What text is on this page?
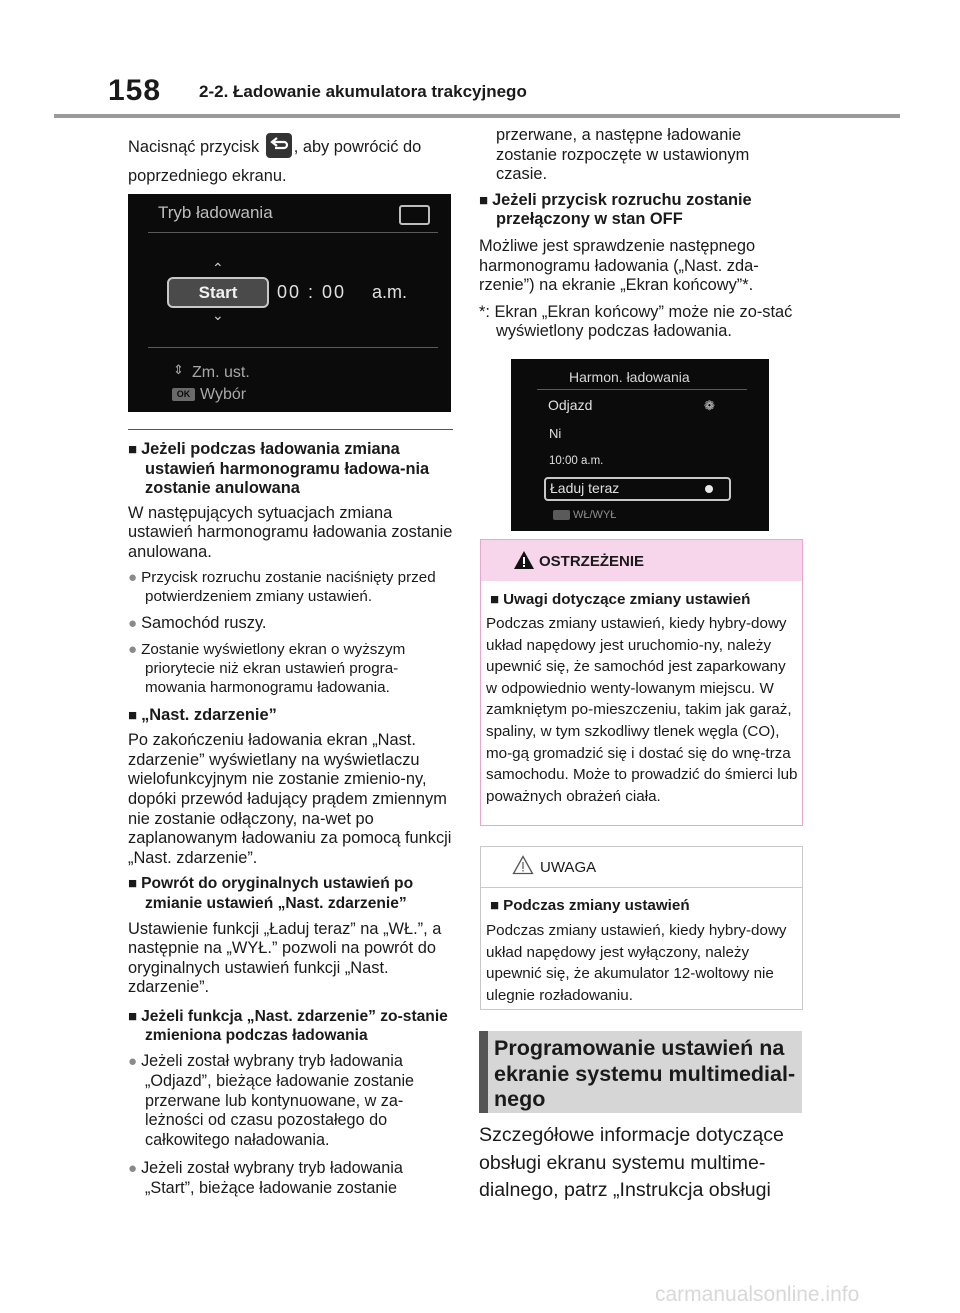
158 2-2. Ładowanie akumulatora trakcyjnego
Nacisnąć przycisk , aby powrócić do poprzedniego ekranu.
Tryb ładowania
⌃
Start
⌄
00 : 00 a.m.
⇕ Zm. ust.
OK Wybór
■ Jeżeli podczas ładowania zmiana ustawień harmonogramu ładowa-nia zostanie anulowana
W następujących sytuacjach zmiana ustawień harmonogramu ładowania zostanie anulowana.
● Przycisk rozruchu zostanie naciśnięty przed potwierdzeniem zmiany ustawień.
● Samochód ruszy.
● Zostanie wyświetlony ekran o wyższym priorytecie niż ekran ustawień progra-mowania harmonogramu ładowania.
■ „Nast. zdarzenie”
Po zakończeniu ładowania ekran „Nast. zdarzenie” wyświetlany na wyświetlaczu wielofunkcyjnym nie zostanie zmienio-ny, dopóki przewód ładujący prądem zmiennym nie zostanie odłączony, na-wet po zaplanowanym ładowaniu za pomocą funkcji „Nast. zdarzenie”.
■ Powrót do oryginalnych ustawień po zmianie ustawień „Nast. zdarzenie”
Ustawienie funkcji „Ładuj teraz” na „WŁ.”, a następnie na „WYŁ.” pozwoli na powrót do oryginalnych ustawień funkcji „Nast. zdarzenie”.
■ Jeżeli funkcja „Nast. zdarzenie” zo-stanie zmieniona podczas ładowania
● Jeżeli został wybrany tryb ładowania „Odjazd”, bieżące ładowanie zostanie przerwane lub kontynuowane, w za-leżności od czasu pozostałego do całkowitego naładowania.
● Jeżeli został wybrany tryb ładowania „Start”, bieżące ładowanie zostanie
przerwane, a następne ładowanie zostanie rozpoczęte w ustawionym czasie.
■ Jeżeli przycisk rozruchu zostanie przełączony w stan OFF
Możliwe jest sprawdzenie następnego harmonogramu ładowania („Nast. zda-rzenie”) na ekranie „Ekran końcowy”*.
*: Ekran „Ekran końcowy” może nie zo-stać wyświetlony podczas ładowania.
Harmon. ładowania
Odjazd	❁
Ni
10:00 a.m.
Ładuj teraz
WŁ/WYŁ
OSTRZEŻENIE
■ Uwagi dotyczące zmiany ustawień
Podczas zmiany ustawień, kiedy hybry-dowy układ napędowy jest uruchomio-ny, należy upewnić się, że samochód jest zaparkowany w odpowiednio wenty-lowanym miejscu. W zamkniętym po-mieszczeniu, takim jak garaż, spaliny, w tym szkodliwy tlenek węgla (CO), mo-gą gromadzić się i dostać się do wnę-trza samochodu. Może to prowadzić do śmierci lub poważnych obrażeń ciała.
UWAGA
■ Podczas zmiany ustawień
Podczas zmiany ustawień, kiedy hybry-dowy układ napędowy jest wyłączony, należy upewnić się, że akumulator 12-woltowy nie ulegnie rozładowaniu.
Programowanie ustawień na ekranie systemu multimedial-nego
Szczegółowe informacje dotyczące obsługi ekranu systemu multime-dialnego, patrz „Instrukcja obsługi
carmanualsonline.info
